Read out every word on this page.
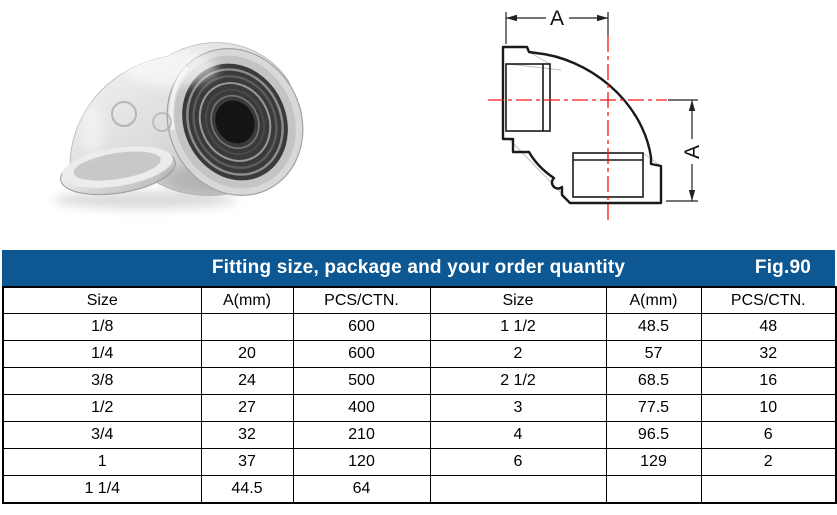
A
A
Fitting size, package and your order quantity	Fig.90
Size	A(mm)	PCS/CTN.	Size	A(mm)	PCS/CTN.
1/8		600	1 1/2	48.5	48
1/4	20	600	2	57	32
3/8	24	500	2 1/2	68.5	16
1/2	27	400	3	77.5	10
3/4	32	210	4	96.5	6
1	37	120	6	129	2
1 1/4	44.5	64			
